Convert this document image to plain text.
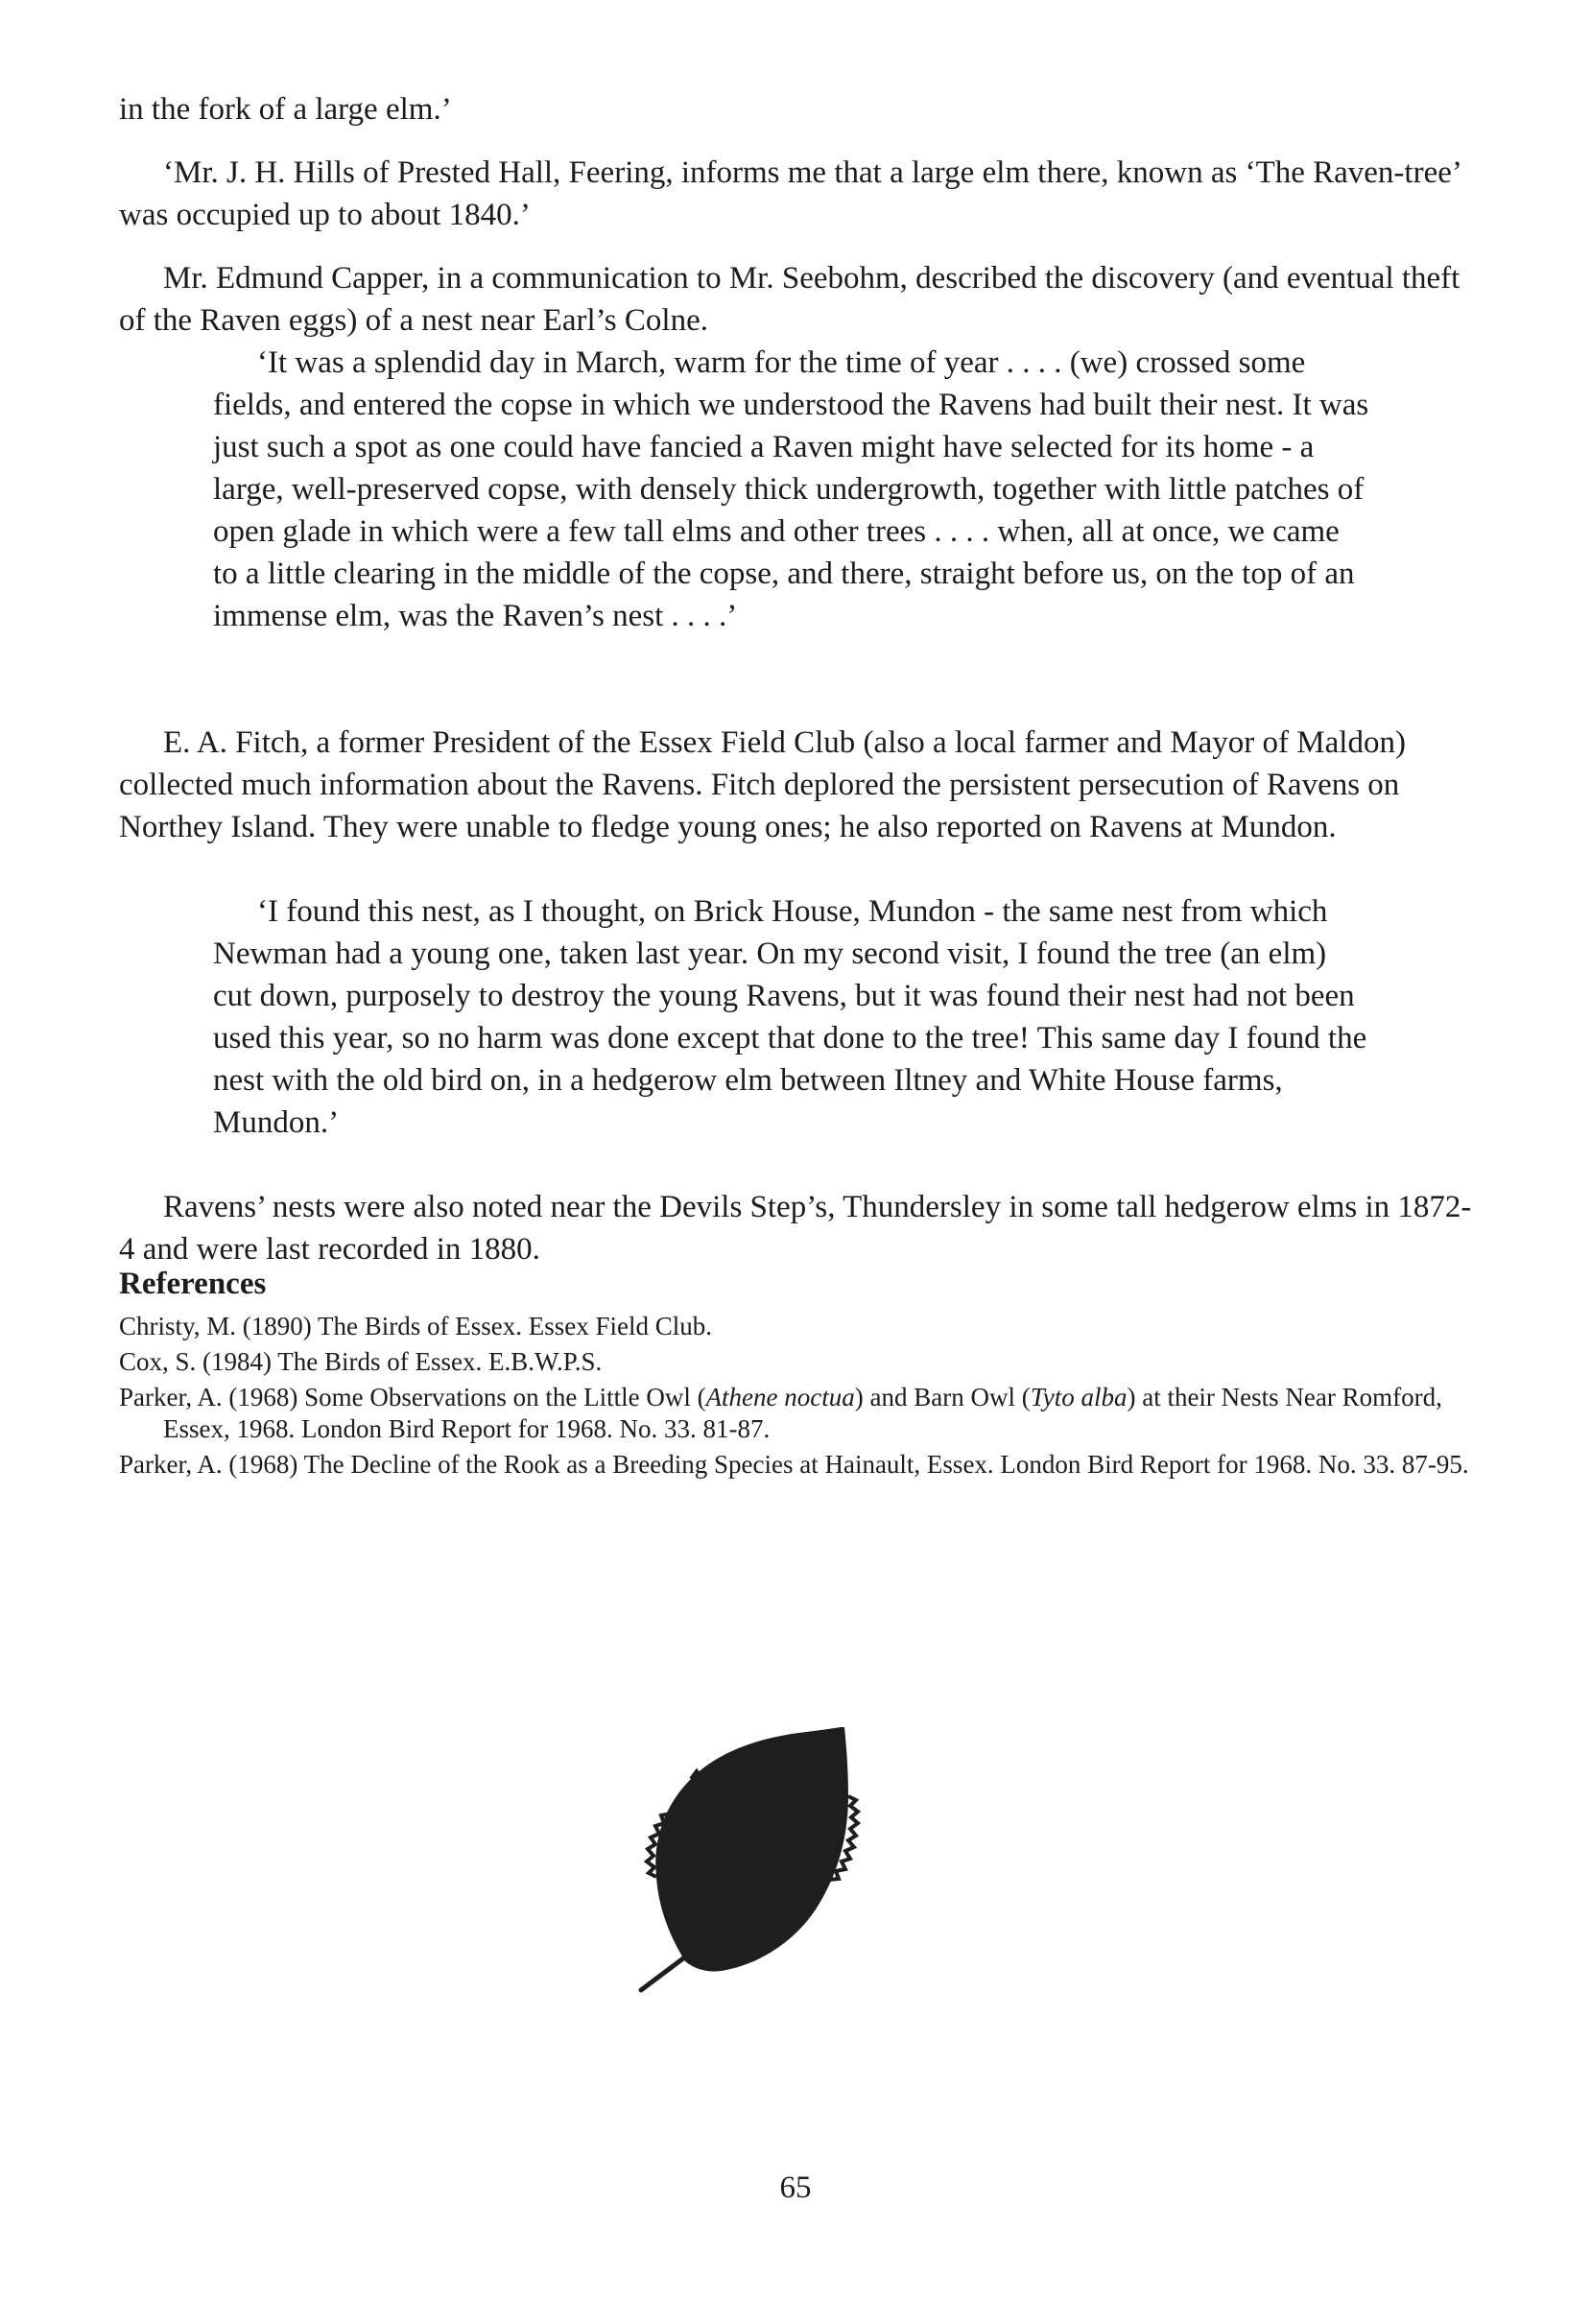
in the fork of a large elm.’

‘Mr. J. H. Hills of Prested Hall, Feering, informs me that a large elm there, known as ‘The Raven-tree’ was occupied up to about 1840.’

Mr. Edmund Capper, in a communication to Mr. Seebohm, described the discovery (and eventual theft of the Raven eggs) of a nest near Earl’s Colne.

‘It was a splendid day in March, warm for the time of year . . . . (we) crossed some fields, and entered the copse in which we understood the Ravens had built their nest. It was just such a spot as one could have fancied a Raven might have selected for its home - a large, well-preserved copse, with densely thick undergrowth, together with little patches of open glade in which were a few tall elms and other trees . . . . when, all at once, we came to a little clearing in the middle of the copse, and there, straight before us, on the top of an immense elm, was the Raven’s nest . . . .’

E. A. Fitch, a former President of the Essex Field Club (also a local farmer and Mayor of Maldon) collected much information about the Ravens. Fitch deplored the persistent persecution of Ravens on Northey Island. They were unable to fledge young ones; he also reported on Ravens at Mundon.

‘I found this nest, as I thought, on Brick House, Mundon - the same nest from which Newman had a young one, taken last year. On my second visit, I found the tree (an elm) cut down, purposely to destroy the young Ravens, but it was found their nest had not been used this year, so no harm was done except that done to the tree! This same day I found the nest with the old bird on, in a hedgerow elm between Iltney and White House farms, Mundon.’

Ravens’ nests were also noted near the Devils Step’s, Thundersley in some tall hedgerow elms in 1872-4 and were last recorded in 1880.

References
Christy, M. (1890) The Birds of Essex. Essex Field Club.
Cox, S. (1984) The Birds of Essex. E.B.W.P.S.
Parker, A. (1968) Some Observations on the Little Owl (Athene noctua) and Barn Owl (Tyto alba) at their Nests Near Romford, Essex, 1968. London Bird Report for 1968. No. 33. 81-87.
Parker, A. (1968) The Decline of the Rook as a Breeding Species at Hainault, Essex. London Bird Report for 1968. No. 33. 87-95.
65
